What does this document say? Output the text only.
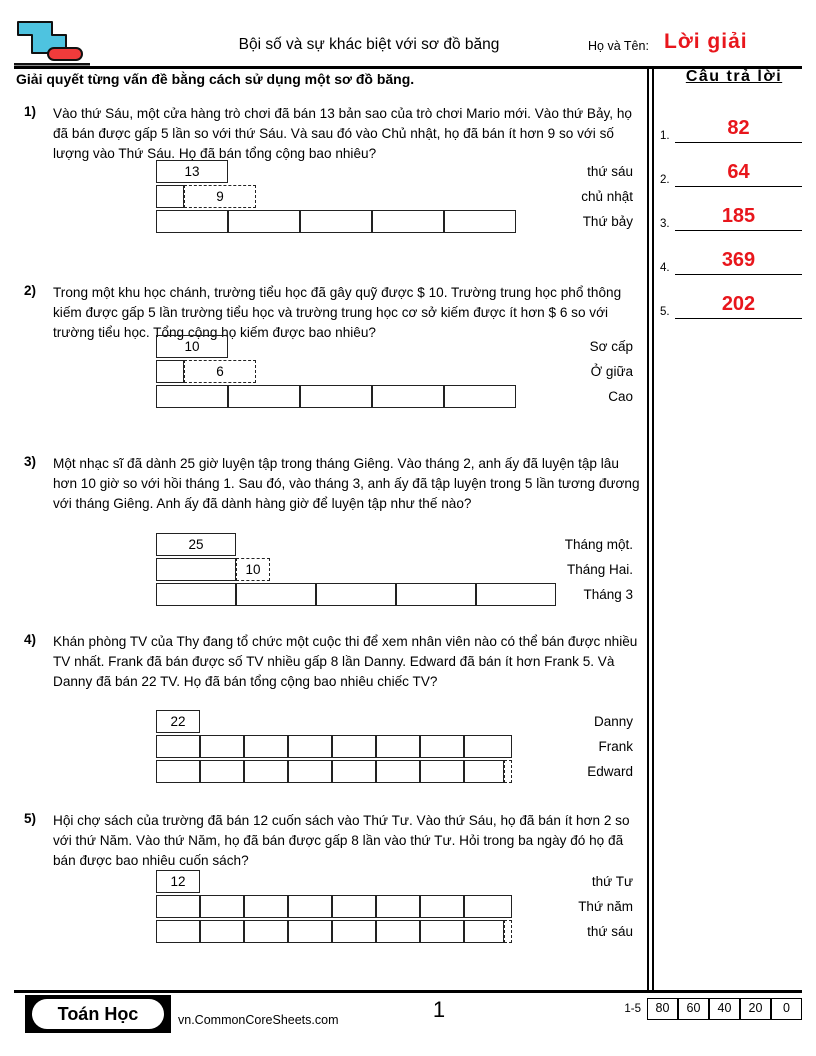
Bội số và sự khác biệt với sơ đồ băng	Họ và Tên: Lời giải
Giải quyết từng vấn đề bằng cách sử dụng một sơ đồ băng.	Câu trả lời
1.	82
2.	64
3.	185
4.	369
5.	202
1) Vào thứ Sáu, một cửa hàng trò chơi đã bán 13 bản sao của trò chơi Mario mới. Vào thứ Bảy, họ đã bán được gấp 5 lần so với thứ Sáu. Và sau đó vào Chủ nhật, họ đã bán ít hơn 9 so với số lượng vào Thứ Sáu. Họ đã bán tổng cộng bao nhiêu?
thứ sáu
13
chủ nhật
9
Thứ bảy
2) Trong một khu học chánh, trường tiểu học đã gây quỹ được $ 10. Trường trung học phổ thông kiếm được gấp 5 lần trường tiểu học và trường trung học cơ sở kiếm được ít hơn $ 6 so với trường tiểu học. Tổng cộng họ kiếm được bao nhiêu?
Sơ cấp
10
Ở giữa
6
Cao
3) Một nhạc sĩ đã dành 25 giờ luyện tập trong tháng Giêng. Vào tháng 2, anh ấy đã luyện tập lâu hơn 10 giờ so với hồi tháng 1. Sau đó, vào tháng 3, anh ấy đã tập luyện trong 5 lần tương đương với tháng Giêng. Anh ấy đã dành hàng giờ để luyện tập như thế nào?
Tháng một.
25
Tháng Hai.
10
Tháng 3
4) Khán phòng TV của Thy đang tổ chức một cuộc thi để xem nhân viên nào có thể bán được nhiều TV nhất. Frank đã bán được số TV nhiều gấp 8 lần Danny. Edward đã bán ít hơn Frank 5. Và Danny đã bán 22 TV. Họ đã bán tổng cộng bao nhiêu chiếc TV?
Danny
22
Frank
Edward
5) Hội chợ sách của trường đã bán 12 cuốn sách vào Thứ Tư. Vào thứ Sáu, họ đã bán ít hơn 2 so với thứ Năm. Vào thứ Năm, họ đã bán được gấp 8 lần vào thứ Tư. Hỏi trong ba ngày đó họ đã bán được bao nhiêu cuốn sách?
thứ Tư
12
Thứ năm
thứ sáu
Toán Học	vn.CommonCoreSheets.com	1	1-5	80	60	40	20	0
